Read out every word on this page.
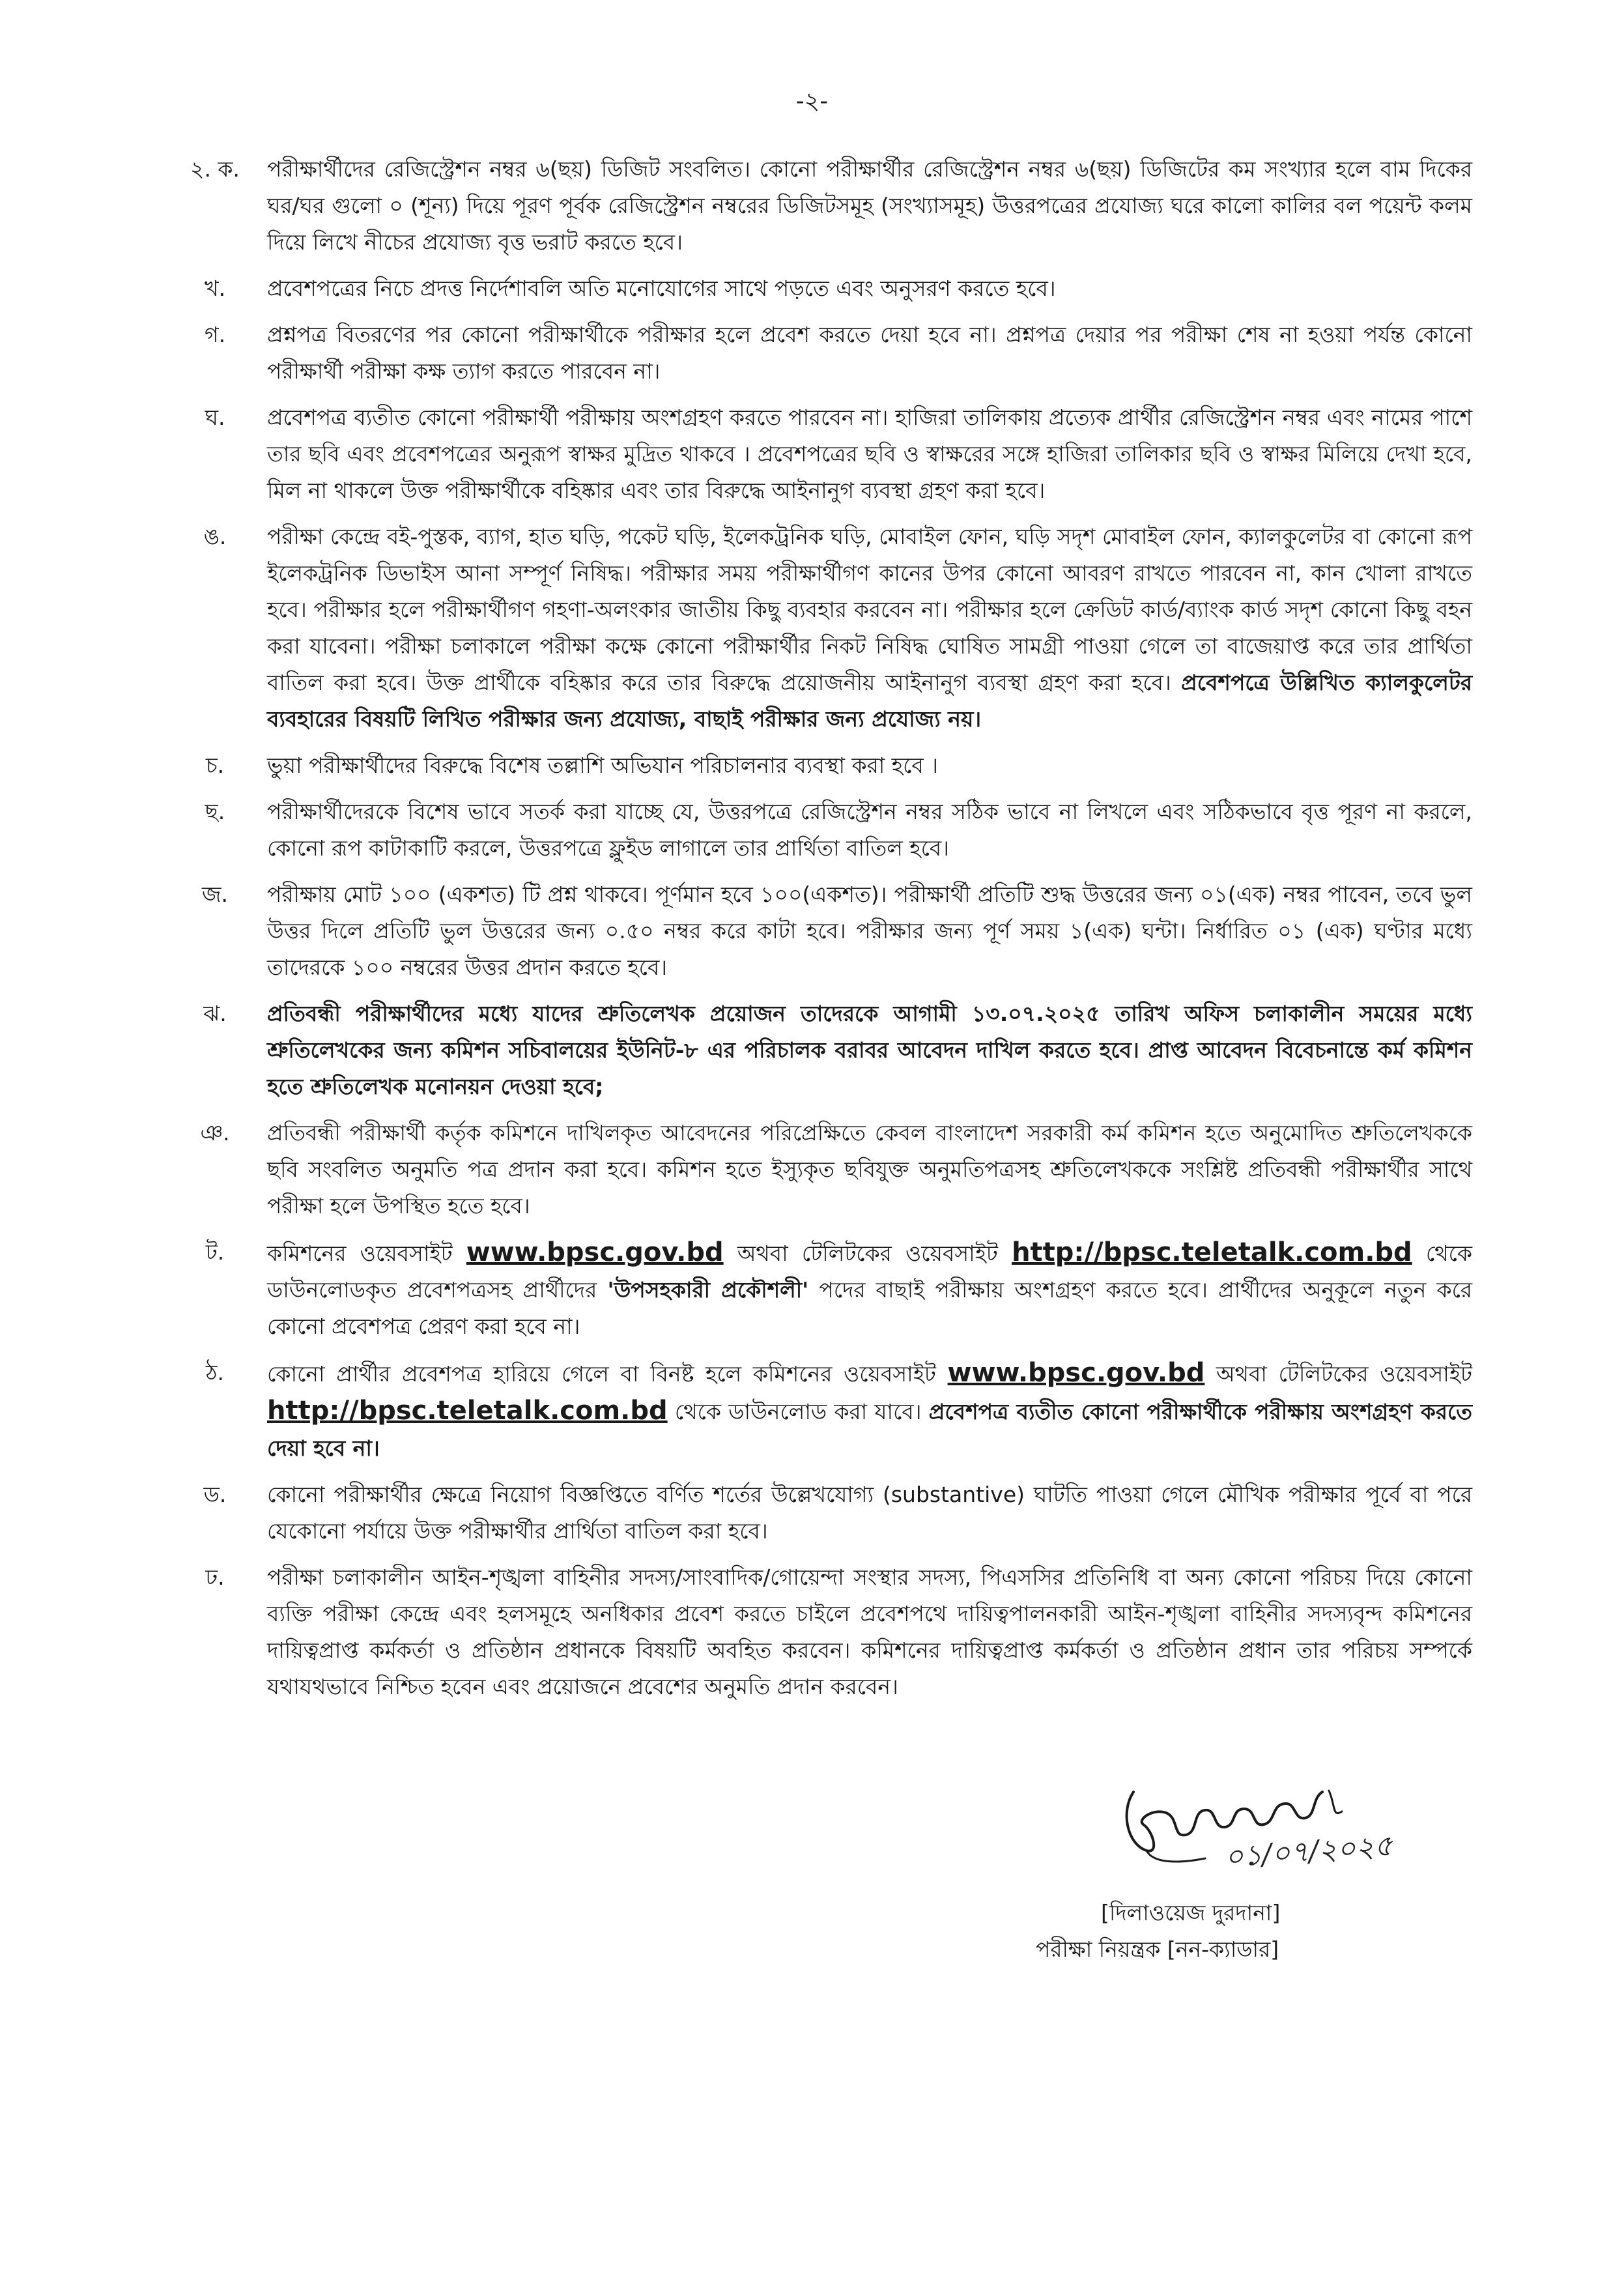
-২-
২. ক.	পরীক্ষার্থীদের রেজিস্ট্রেশন নম্বর ৬(ছয়) ডিজিট সংবলিত। কোনো পরীক্ষার্থীর রেজিস্ট্রেশন নম্বর ৬(ছয়) ডিজিটের কম সংখ্যার হলে বাম দিকের ঘর/ঘর গুলো ০ (শূন্য) দিয়ে পূরণ পূর্বক রেজিস্ট্রেশন নম্বরের ডিজিটসমূহ (সংখ্যাসমূহ) উত্তরপত্রের প্রযোজ্য ঘরে কালো কালির বল পয়েন্ট কলম দিয়ে লিখে নীচের প্রযোজ্য বৃত্ত ভরাট করতে হবে।
খ.	প্রবেশপত্রের নিচে প্রদত্ত নির্দেশাবলি অতি মনোযোগের সাথে পড়তে এবং অনুসরণ করতে হবে।
গ.	প্রশ্নপত্র বিতরণের পর কোনো পরীক্ষার্থীকে পরীক্ষার হলে প্রবেশ করতে দেয়া হবে না। প্রশ্নপত্র দেয়ার পর পরীক্ষা শেষ না হওয়া পর্যন্ত কোনো পরীক্ষার্থী পরীক্ষা কক্ষ ত্যাগ করতে পারবেন না।
ঘ.	প্রবেশপত্র ব্যতীত কোনো পরীক্ষার্থী পরীক্ষায় অংশগ্রহণ করতে পারবেন না। হাজিরা তালিকায় প্রত্যেক প্রার্থীর রেজিস্ট্রেশন নম্বর এবং নামের পাশে তার ছবি এবং প্রবেশপত্রের অনুরূপ স্বাক্ষর মুদ্রিত থাকবে । প্রবেশপত্রের ছবি ও স্বাক্ষরের সঙ্গে হাজিরা তালিকার ছবি ও স্বাক্ষর মিলিয়ে দেখা হবে, মিল না থাকলে উক্ত পরীক্ষার্থীকে বহিষ্কার এবং তার বিরুদ্ধে আইনানুগ ব্যবস্থা গ্রহণ করা হবে।
ঙ.	পরীক্ষা কেন্দ্রে বই-পুস্তক, ব্যাগ, হাত ঘড়ি, পকেট ঘড়ি, ইলেকট্রনিক ঘড়ি, মোবাইল ফোন, ঘড়ি সদৃশ মোবাইল ফোন, ক্যালকুলেটর বা কোনো রূপ ইলেকট্রনিক ডিভাইস আনা সম্পূর্ণ নিষিদ্ধ। পরীক্ষার সময় পরীক্ষার্থীগণ কানের উপর কোনো আবরণ রাখতে পারবেন না, কান খোলা রাখতে হবে। পরীক্ষার হলে পরীক্ষার্থীগণ গহণা-অলংকার জাতীয় কিছু ব্যবহার করবেন না। পরীক্ষার হলে ক্রেডিট কার্ড/ব্যাংক কার্ড সদৃশ কোনো কিছু বহন করা যাবেনা। পরীক্ষা চলাকালে পরীক্ষা কক্ষে কোনো পরীক্ষার্থীর নিকট নিষিদ্ধ ঘোষিত সামগ্রী পাওয়া গেলে তা বাজেয়াপ্ত করে তার প্রার্থিতা বাতিল করা হবে। উক্ত প্রার্থীকে বহিষ্কার করে তার বিরুদ্ধে প্রয়োজনীয় আইনানুগ ব্যবস্থা গ্রহণ করা হবে। প্রবেশপত্রে উল্লিখিত ক্যালকুলেটর ব্যবহারের বিষয়টি লিখিত পরীক্ষার জন্য প্রযোজ্য, বাছাই পরীক্ষার জন্য প্রযোজ্য নয়।
চ.	ভুয়া পরীক্ষার্থীদের বিরুদ্ধে বিশেষ তল্লাশি অভিযান পরিচালনার ব্যবস্থা করা হবে ।
ছ.	পরীক্ষার্থীদেরকে বিশেষ ভাবে সতর্ক করা যাচ্ছে যে, উত্তরপত্রে রেজিস্ট্রেশন নম্বর সঠিক ভাবে না লিখলে এবং সঠিকভাবে বৃত্ত পূরণ না করলে, কোনো রূপ কাটাকাটি করলে, উত্তরপত্রে ফ্লুইড লাগালে তার প্রার্থিতা বাতিল হবে।
জ.	পরীক্ষায় মোট ১০০ (একশত) টি প্রশ্ন থাকবে। পূর্ণমান হবে ১০০(একশত)। পরীক্ষার্থী প্রতিটি শুদ্ধ উত্তরের জন্য ০১(এক) নম্বর পাবেন, তবে ভুল উত্তর দিলে প্রতিটি ভুল উত্তরের জন্য ০.৫০ নম্বর করে কাটা হবে। পরীক্ষার জন্য পূর্ণ সময় ১(এক) ঘন্টা। নির্ধারিত ০১ (এক) ঘণ্টার মধ্যে তাদেরকে ১০০ নম্বরের উত্তর প্রদান করতে হবে।
ঝ.	প্রতিবন্ধী পরীক্ষার্থীদের মধ্যে যাদের শ্রুতিলেখক প্রয়োজন তাদেরকে আগামী ১৩.০৭.২০২৫ তারিখ অফিস চলাকালীন সময়ের মধ্যে শ্রুতিলেখকের জন্য কমিশন সচিবালয়ের ইউনিট-৮ এর পরিচালক বরাবর আবেদন দাখিল করতে হবে। প্রাপ্ত আবেদন বিবেচনান্তে কর্ম কমিশন হতে শ্রুতিলেখক মনোনয়ন দেওয়া হবে;
ঞ.	প্রতিবন্ধী পরীক্ষার্থী কর্তৃক কমিশনে দাখিলকৃত আবেদনের পরিপ্রেক্ষিতে কেবল বাংলাদেশ সরকারী কর্ম কমিশন হতে অনুমোদিত শ্রুতিলেখককে ছবি সংবলিত অনুমতি পত্র প্রদান করা হবে। কমিশন হতে ইস্যুকৃত ছবিযুক্ত অনুমতিপত্রসহ শ্রুতিলেখককে সংশ্লিষ্ট প্রতিবন্ধী পরীক্ষার্থীর সাথে পরীক্ষা হলে উপস্থিত হতে হবে।
ট.	কমিশনের ওয়েবসাইট www.bpsc.gov.bd অথবা টেলিটকের ওয়েবসাইট http://bpsc.teletalk.com.bd থেকে ডাউনলোডকৃত প্রবেশপত্রসহ প্রার্থীদের 'উপসহকারী প্রকৌশলী' পদের বাছাই পরীক্ষায় অংশগ্রহণ করতে হবে। প্রার্থীদের অনুকূলে নতুন করে কোনো প্রবেশপত্র প্রেরণ করা হবে না।
ঠ.	কোনো প্রার্থীর প্রবেশপত্র হারিয়ে গেলে বা বিনষ্ট হলে কমিশনের ওয়েবসাইট www.bpsc.gov.bd অথবা টেলিটকের ওয়েবসাইট http://bpsc.teletalk.com.bd থেকে ডাউনলোড করা যাবে। প্রবেশপত্র ব্যতীত কোনো পরীক্ষার্থীকে পরীক্ষায় অংশগ্রহণ করতে দেয়া হবে না।
ড.	কোনো পরীক্ষার্থীর ক্ষেত্রে নিয়োগ বিজ্ঞপ্তিতে বর্ণিত শর্তের উল্লেখযোগ্য (substantive) ঘাটতি পাওয়া গেলে মৌখিক পরীক্ষার পূর্বে বা পরে যেকোনো পর্যায়ে উক্ত পরীক্ষার্থীর প্রার্থিতা বাতিল করা হবে।
ঢ.	পরীক্ষা চলাকালীন আইন-শৃঙ্খলা বাহিনীর সদস্য/সাংবাদিক/গোয়েন্দা সংস্থার সদস্য, পিএসসির প্রতিনিধি বা অন্য কোনো পরিচয় দিয়ে কোনো ব্যক্তি পরীক্ষা কেন্দ্রে এবং হলসমূহে অনধিকার প্রবেশ করতে চাইলে প্রবেশপথে দায়িত্বপালনকারী আইন-শৃঙ্খলা বাহিনীর সদস্যবৃন্দ কমিশনের দায়িত্বপ্রাপ্ত কর্মকর্তা ও প্রতিষ্ঠান প্রধানকে বিষয়টি অবহিত করবেন। কমিশনের দায়িত্বপ্রাপ্ত কর্মকর্তা ও প্রতিষ্ঠান প্রধান তার পরিচয় সম্পর্কে যথাযথভাবে নিশ্চিত হবেন এবং প্রয়োজনে প্রবেশের অনুমতি প্রদান করবেন।
০১/০৭/২০২৫
[দিলাওয়েজ দুরদানা]
পরীক্ষা নিয়ন্ত্রক [নন-ক্যাডার]
